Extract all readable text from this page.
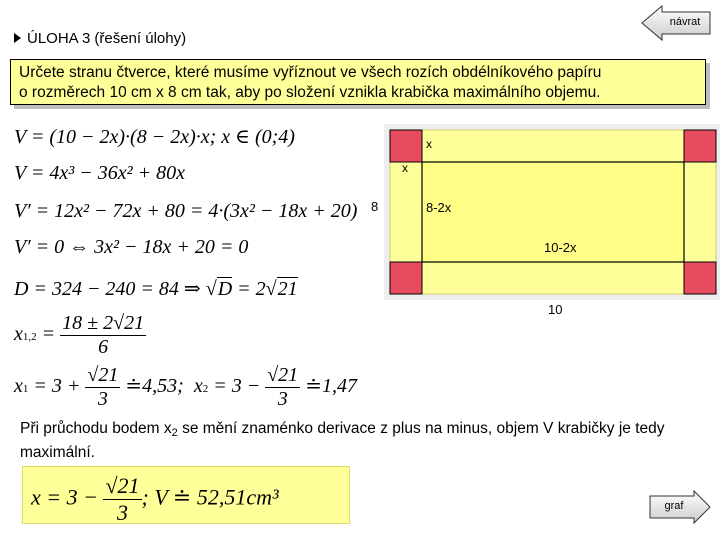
ÚLOHA 3 (řešení úlohy)
návrat
Určete stranu čtverce, které musíme vyříznout ve všech rozích obdélníkového papíru
o rozměrech 10 cm x 8 cm tak, aby po složení vznikla krabička maximálního objemu.
V = (10 − 2x)·(8 − 2x)·x; x ∈ (0;4)
V = 4x³ − 36x² + 80x
V′ = 12x² − 72x + 80 = 4·(3x² − 18x + 20)
V′ = 0 ⇔ 3x² − 18x + 20 = 0
D = 324 − 240 = 84 ⇒ √D = 2√21
$x1,2 = \frac{18 \pm 2√21}{6}$
$x1 = 3 + \frac{√21}{3}$ ≐4,53; $x2 = 3 - \frac{√21}{3}$ ≐1,47
x
x
8	8-2x
10-2x
10
Při průchodu bodem x2 se mění znaménko derivace z plus na minus, objem V krabičky je tedy maximální.
$x = 3 - \frac{√21}{3}$ ; V ≐ 52,51cm³	graf
